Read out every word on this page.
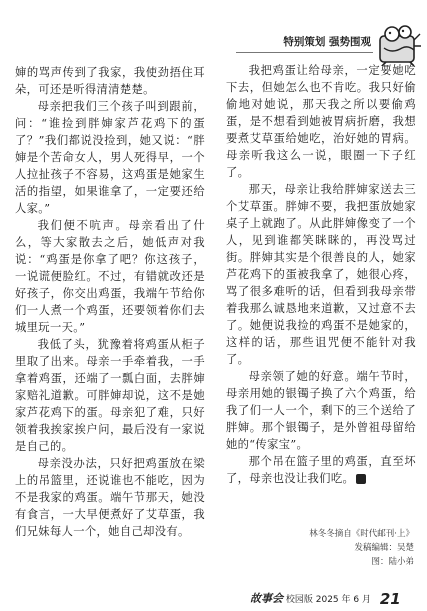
特别策划 强势围观

婶的骂声传到了我家，我使劲捂住耳朵，可还是听得清清楚楚。

母亲把我们三个孩子叫到跟前，问：“谁捡到胖婶家芦花鸡下的蛋了？”我们都说没捡到，她又说：“胖婶是个苦命女人，男人死得早，一个人拉扯孩子不容易，这鸡蛋是她家生活的指望，如果谁拿了，一定要还给人家。”

我们便不吭声。母亲看出了什么，等大家散去之后，她低声对我说：“鸡蛋是你拿了吧？你这孩子，一说谎便脸红。不过，有错就改还是好孩子，你交出鸡蛋，我端午节给你们一人煮一个鸡蛋，还要领着你们去城里玩一天。”

我低了头，犹豫着将鸡蛋从柜子里取了出来。母亲一手牵着我，一手拿着鸡蛋，还端了一瓢白面，去胖婶家赔礼道歉。可胖婶却说，这不是她家芦花鸡下的蛋。母亲犯了难，只好领着我挨家挨户问，最后没有一家说是自己的。

母亲没办法，只好把鸡蛋放在梁上的吊篮里，还说谁也不能吃，因为不是我家的鸡蛋。端午节那天，她没有食言，一大早便煮好了艾草蛋，我们兄妹每人一个，她自己却没有。

我把鸡蛋让给母亲，一定要她吃下去，但她怎么也不肯吃。我只好偷偷地对她说，那天我之所以要偷鸡蛋，是不想看到她被胃病折磨，我想要煮艾草蛋给她吃，治好她的胃病。母亲听我这么一说，眼圈一下子红了。

那天，母亲让我给胖婶家送去三个艾草蛋。胖婶不要，我把蛋放她家桌子上就跑了。从此胖婶像变了一个人，见到谁都笑眯眯的，再没骂过街。胖婶其实是个很善良的人，她家芦花鸡下的蛋被我拿了，她很心疼，骂了很多难听的话，但看到我母亲带着我那么诚恳地来道歉，又过意不去了。她便说我捡的鸡蛋不是她家的，这样的话，那些诅咒便不能针对我了。

母亲领了她的好意。端午节时，母亲用她的银镯子换了六个鸡蛋，给我了们一人一个，剩下的三个送给了胖婶。那个银镯子，是外曾祖母留给她的“传家宝”。

那个吊在篮子里的鸡蛋，直至坏了，母亲也没让我们吃。	完

林冬冬摘自《时代邮刊·上》
发稿编辑：吴楚
图：陆小弟
故事会 校园版 2025 年 6 月 21
